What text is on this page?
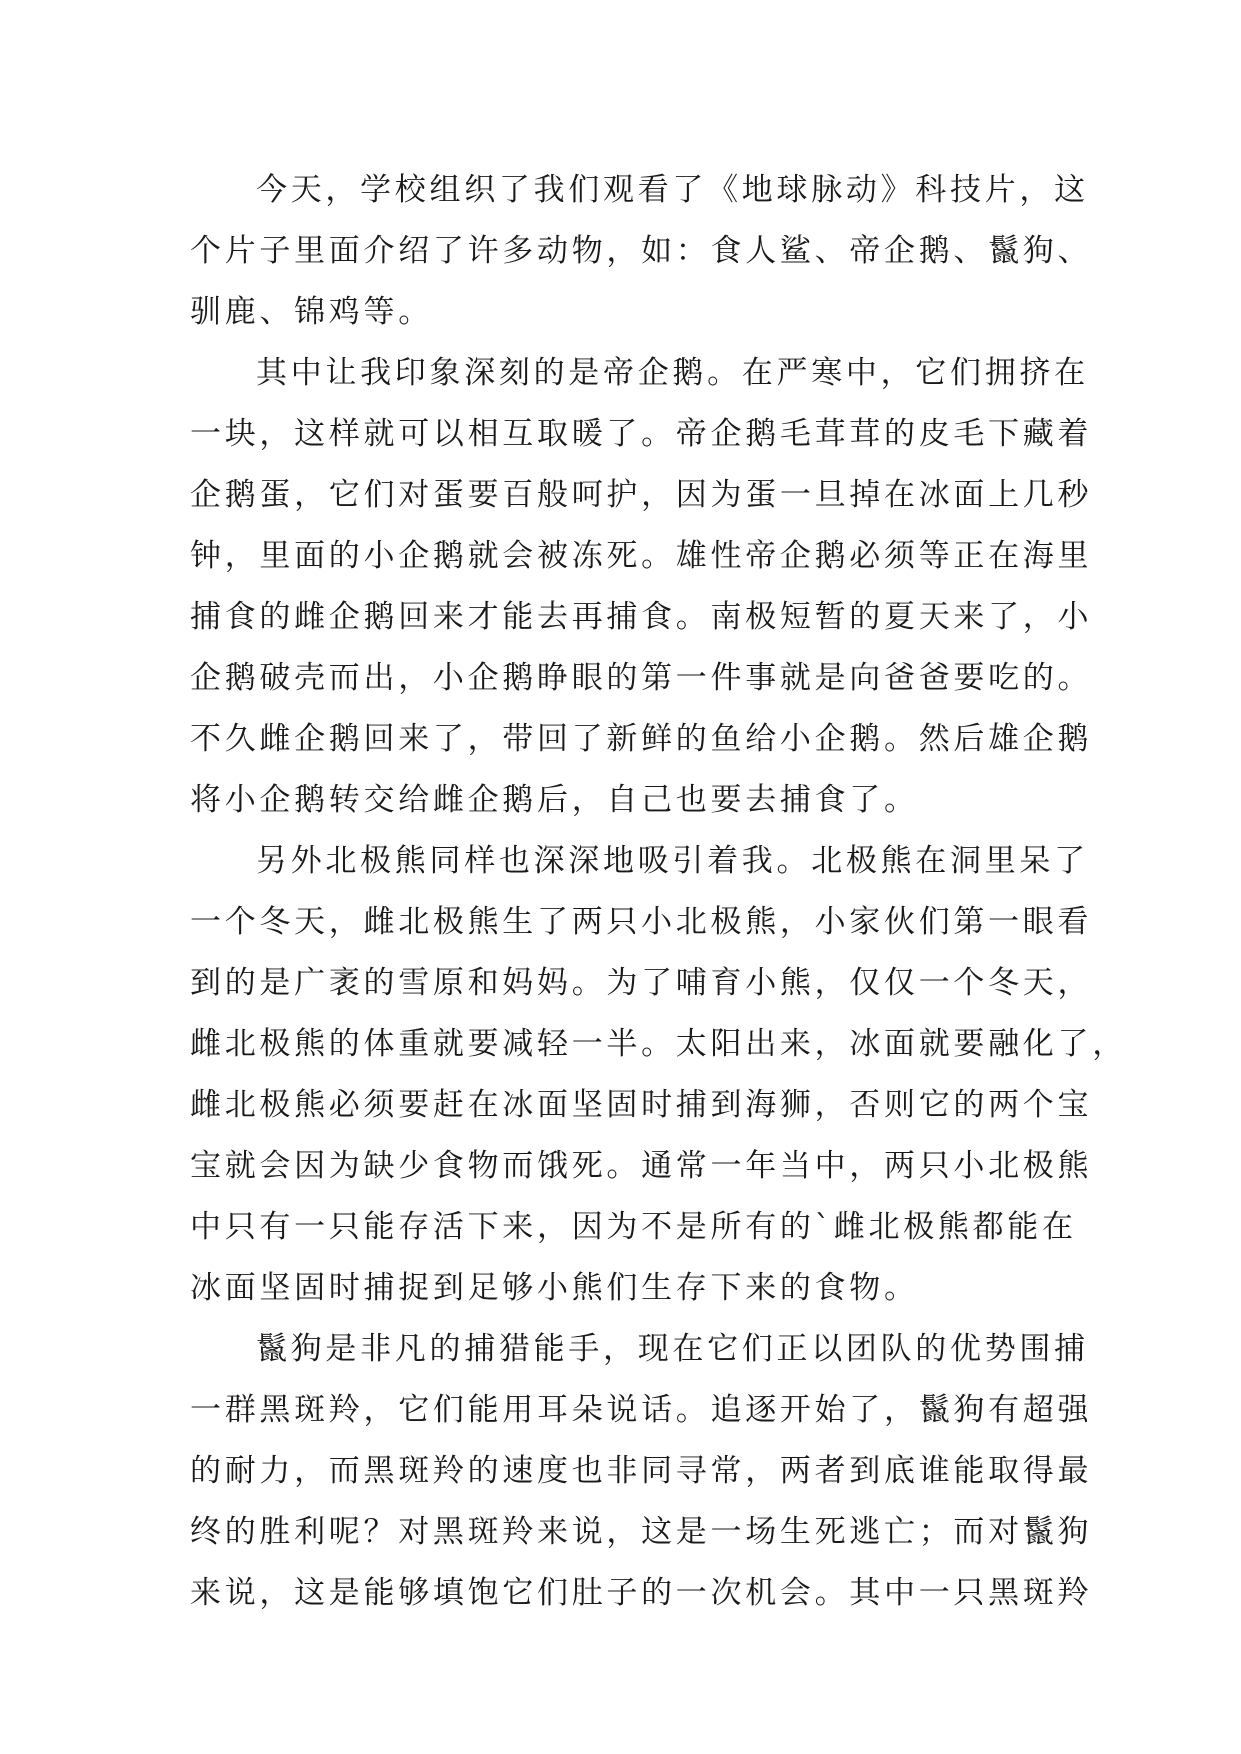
今天，学校组织了我们观看了《地球脉动》科技片，这
个片子里面介绍了许多动物，如：食人鲨、帝企鹅、鬣狗、
驯鹿、锦鸡等。
其中让我印象深刻的是帝企鹅。在严寒中，它们拥挤在
一块，这样就可以相互取暖了。帝企鹅毛茸茸的皮毛下藏着
企鹅蛋，它们对蛋要百般呵护，因为蛋一旦掉在冰面上几秒
钟，里面的小企鹅就会被冻死。雄性帝企鹅必须等正在海里
捕食的雌企鹅回来才能去再捕食。南极短暂的夏天来了，小
企鹅破壳而出，小企鹅睁眼的第一件事就是向爸爸要吃的。
不久雌企鹅回来了，带回了新鲜的鱼给小企鹅。然后雄企鹅
将小企鹅转交给雌企鹅后，自己也要去捕食了。
另外北极熊同样也深深地吸引着我。北极熊在洞里呆了
一个冬天，雌北极熊生了两只小北极熊，小家伙们第一眼看
到的是广袤的雪原和妈妈。为了哺育小熊，仅仅一个冬天，
雌北极熊的体重就要减轻一半。太阳出来，冰面就要融化了，
雌北极熊必须要赶在冰面坚固时捕到海狮，否则它的两个宝
宝就会因为缺少食物而饿死。通常一年当中，两只小北极熊
中只有一只能存活下来，因为不是所有的`雌北极熊都能在
冰面坚固时捕捉到足够小熊们生存下来的食物。
鬣狗是非凡的捕猎能手，现在它们正以团队的优势围捕
一群黑斑羚，它们能用耳朵说话。追逐开始了，鬣狗有超强
的耐力，而黑斑羚的速度也非同寻常，两者到底谁能取得最
终的胜利呢？对黑斑羚来说，这是一场生死逃亡；而对鬣狗
来说，这是能够填饱它们肚子的一次机会。其中一只黑斑羚
